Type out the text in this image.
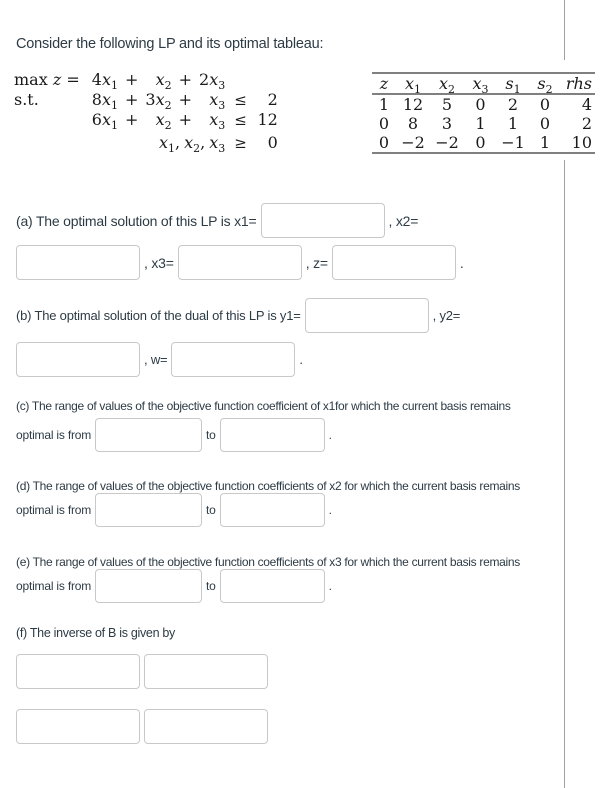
Consider the following LP and its optimal tableau:
max z =	$4x_1$	+	$x_2$	+	$2x_3$		
s.t.	$8x_1$	+	$3x_2$	+	$x_3$	≤	2
	$6x_1$	+	$x_2$	+	$x_3$	≤	12
	$x_1$, $x_2$, $x_3$					≥	0
z	$x_1$	$x_2$	$x_3$	$s_1$	$s_2$	rhs
1	12	5	0	2	0	4
0	8	3	1	1	0	2
0	−2	−2	0	−1	1	10
(a) The optimal solution of this LP is x1=	, x2=
, x3=	, z=	.
(b) The optimal solution of the dual of this LP is y1=	, y2=
, w=	.
(c) The range of values of the objective function coefficient of x1for which the current basis remains
optimal is from	to	.
(d) The range of values of the objective function coefficients of x2 for which the current basis remains
optimal is from	to	.
(e) The range of values of the objective function coefficients of x3 for which the current basis remains
optimal is from	to	.
(f) The inverse of B is given by
